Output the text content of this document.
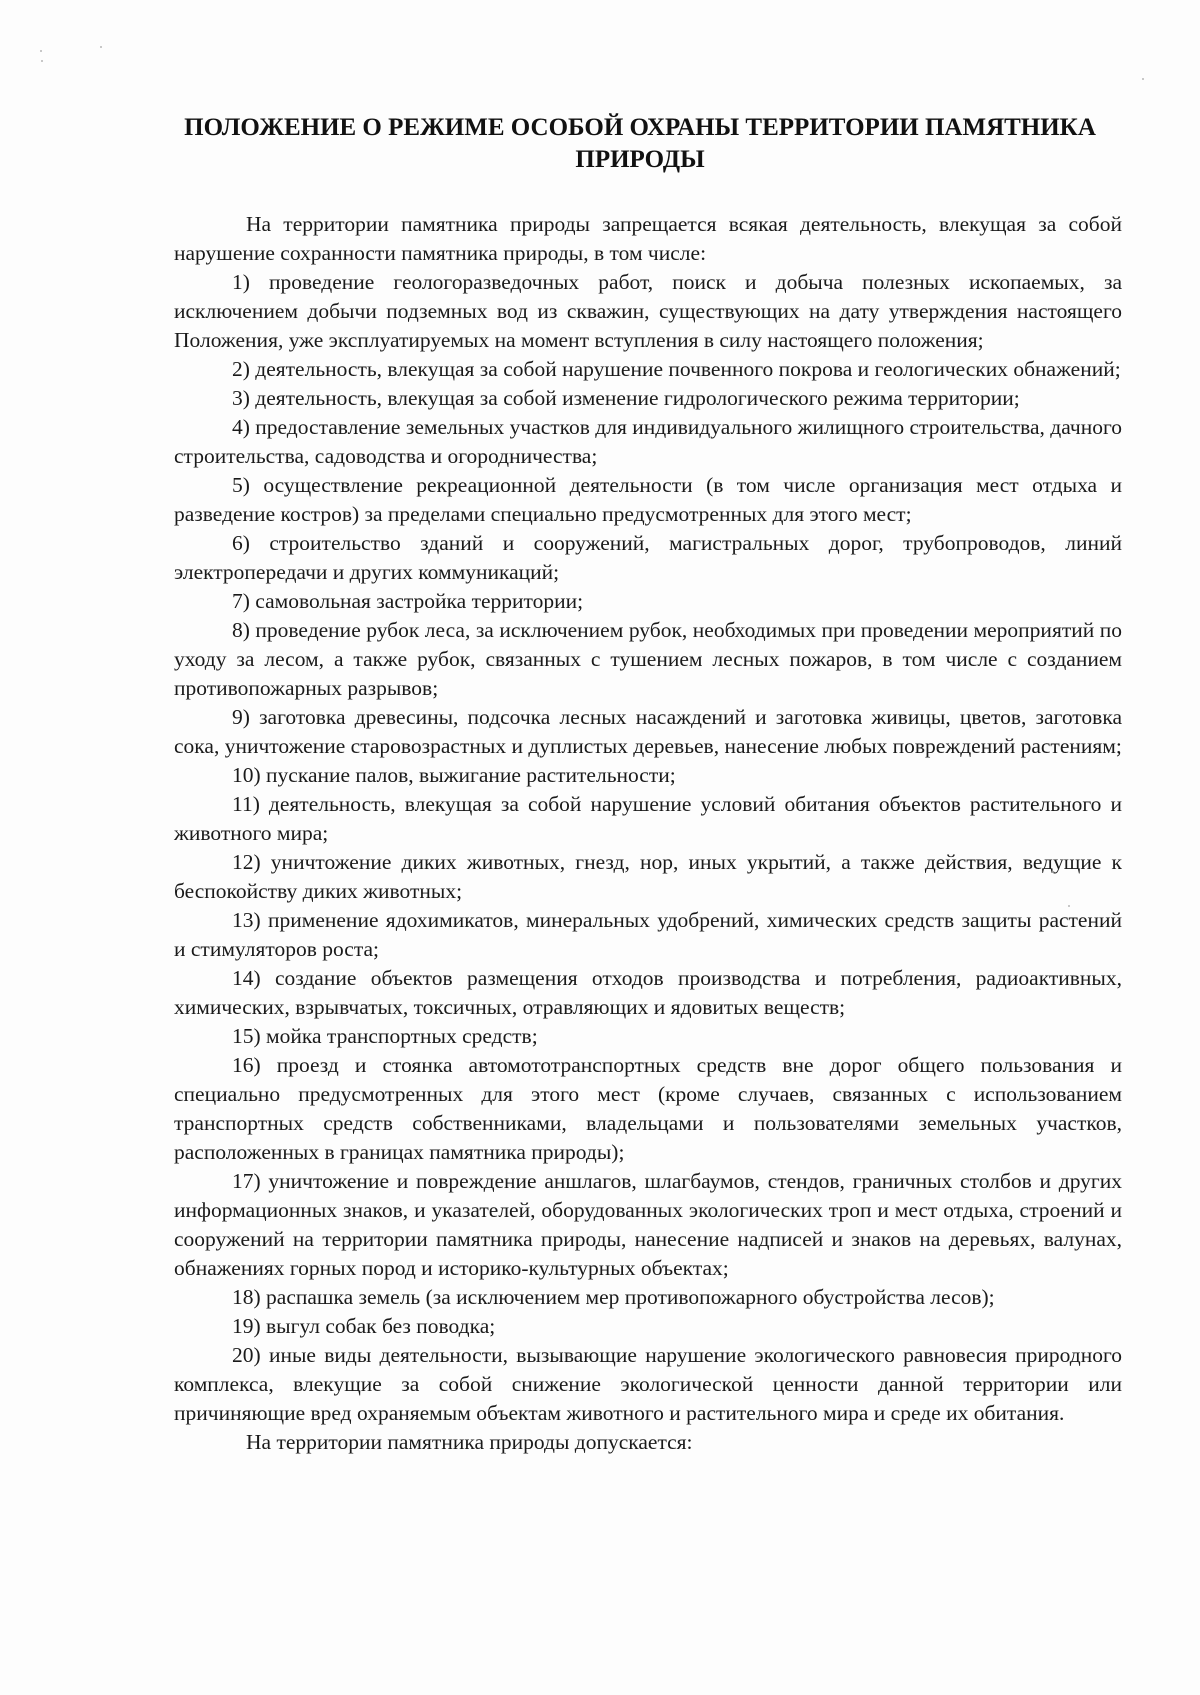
ПОЛОЖЕНИЕ О РЕЖИМЕ ОСОБОЙ ОХРАНЫ ТЕРРИТОРИИ ПАМЯТНИКА ПРИРОДЫ

На территории памятника природы запрещается всякая деятельность, влекущая за собой нарушение сохранности памятника природы, в том числе:

1) проведение геологоразведочных работ, поиск и добыча полезных ископаемых, за исключением добычи подземных вод из скважин, существующих на дату утверждения настоящего Положения, уже эксплуатируемых на момент вступления в силу настоящего положения;

2) деятельность, влекущая за собой нарушение почвенного покрова и геологических обнажений;

3) деятельность, влекущая за собой изменение гидрологического режима территории;

4) предоставление земельных участков для индивидуального жилищного строительства, дачного строительства, садоводства и огородничества;

5) осуществление рекреационной деятельности (в том числе организация мест отдыха и разведение костров) за пределами специально предусмотренных для этого мест;

6) строительство зданий и сооружений, магистральных дорог, трубопроводов, линий электропередачи и других коммуникаций;

7) самовольная застройка территории;

8) проведение рубок леса, за исключением рубок, необходимых при проведении мероприятий по уходу за лесом, а также рубок, связанных с тушением лесных пожаров, в том числе с созданием противопожарных разрывов;

9) заготовка древесины, подсочка лесных насаждений и заготовка живицы, цветов, заготовка сока, уничтожение старовозрастных и дуплистых деревьев, нанесение любых повреждений растениям;

10) пускание палов, выжигание растительности;

11) деятельность, влекущая за собой нарушение условий обитания объектов растительного и животного мира;

12) уничтожение диких животных, гнезд, нор, иных укрытий, а также действия, ведущие к беспокойству диких животных;

13) применение ядохимикатов, минеральных удобрений, химических средств защиты растений и стимуляторов роста;

14) создание объектов размещения отходов производства и потребления, радиоактивных, химических, взрывчатых, токсичных, отравляющих и ядовитых веществ;

15) мойка транспортных средств;

16) проезд и стоянка автомототранспортных средств вне дорог общего пользования и специально предусмотренных для этого мест (кроме случаев, связанных с использованием транспортных средств собственниками, владельцами и пользователями земельных участков, расположенных в границах памятника природы);

17) уничтожение и повреждение аншлагов, шлагбаумов, стендов, граничных столбов и других информационных знаков, и указателей, оборудованных экологических троп и мест отдыха, строений и сооружений на территории памятника природы, нанесение надписей и знаков на деревьях, валунах, обнажениях горных пород и историко-культурных объектах;

18) распашка земель (за исключением мер противопожарного обустройства лесов);

19) выгул собак без поводка;

20) иные виды деятельности, вызывающие нарушение экологического равновесия природного комплекса, влекущие за собой снижение экологической ценности данной территории или причиняющие вред охраняемым объектам животного и растительного мира и среде их обитания.

На территории памятника природы допускается:
